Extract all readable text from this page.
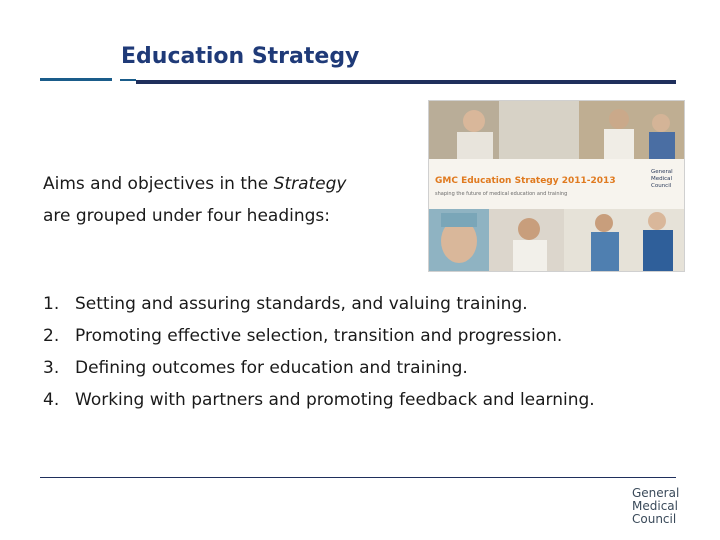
Education Strategy
Aims and objectives in the Strategy
are grouped under four headings:
GMC Education Strategy 2011-2013
shaping the future of medical education and training
General
Medical
Council
1. Setting and assuring standards, and valuing training.
2. Promoting effective selection, transition and progression.
3. Defining outcomes for education and training.
4. Working with partners and promoting feedback and learning.
General
Medical
Council
